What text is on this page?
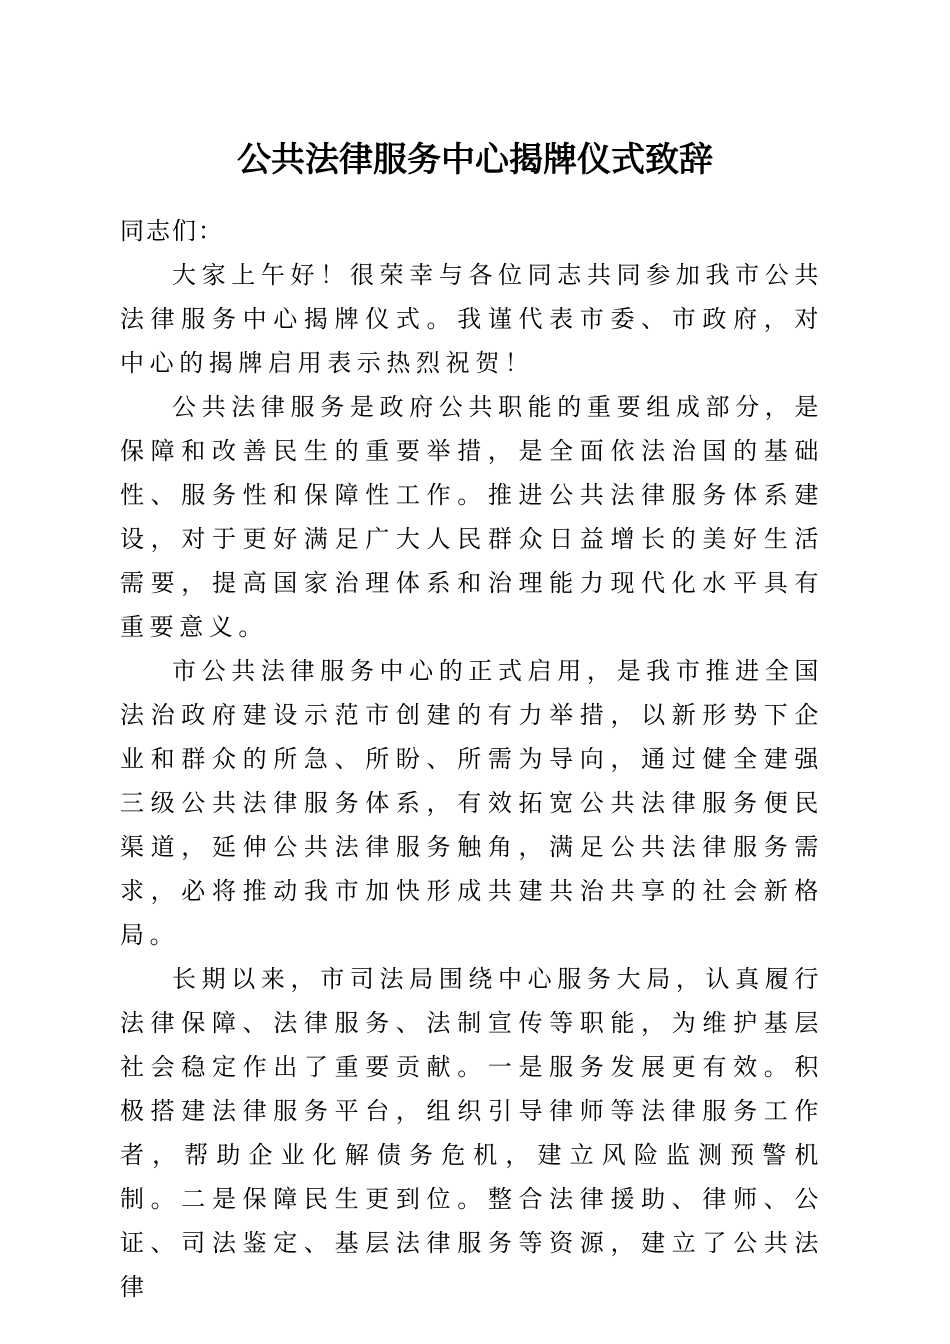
公共法律服务中心揭牌仪式致辞

同志们：

大家上午好！很荣幸与各位同志共同参加我市公共法律服务中心揭牌仪式。我谨代表市委、市政府，对中心的揭牌启用表示热烈祝贺！

公共法律服务是政府公共职能的重要组成部分，是保障和改善民生的重要举措，是全面依法治国的基础性、服务性和保障性工作。推进公共法律服务体系建设，对于更好满足广大人民群众日益增长的美好生活需要，提高国家治理体系和治理能力现代化水平具有重要意义。

市公共法律服务中心的正式启用，是我市推进全国法治政府建设示范市创建的有力举措，以新形势下企业和群众的所急、所盼、所需为导向，通过健全建强三级公共法律服务体系，有效拓宽公共法律服务便民渠道，延伸公共法律服务触角，满足公共法律服务需求，必将推动我市加快形成共建共治共享的社会新格局。

长期以来，市司法局围绕中心服务大局，认真履行法律保障、法律服务、法制宣传等职能，为维护基层社会稳定作出了重要贡献。一是服务发展更有效。积极搭建法律服务平台，组织引导律师等法律服务工作者，帮助企业化解债务危机，建立风险监测预警机制。二是保障民生更到位。整合法律援助、律师、公证、司法鉴定、基层法律服务等资源，建立了公共法律
